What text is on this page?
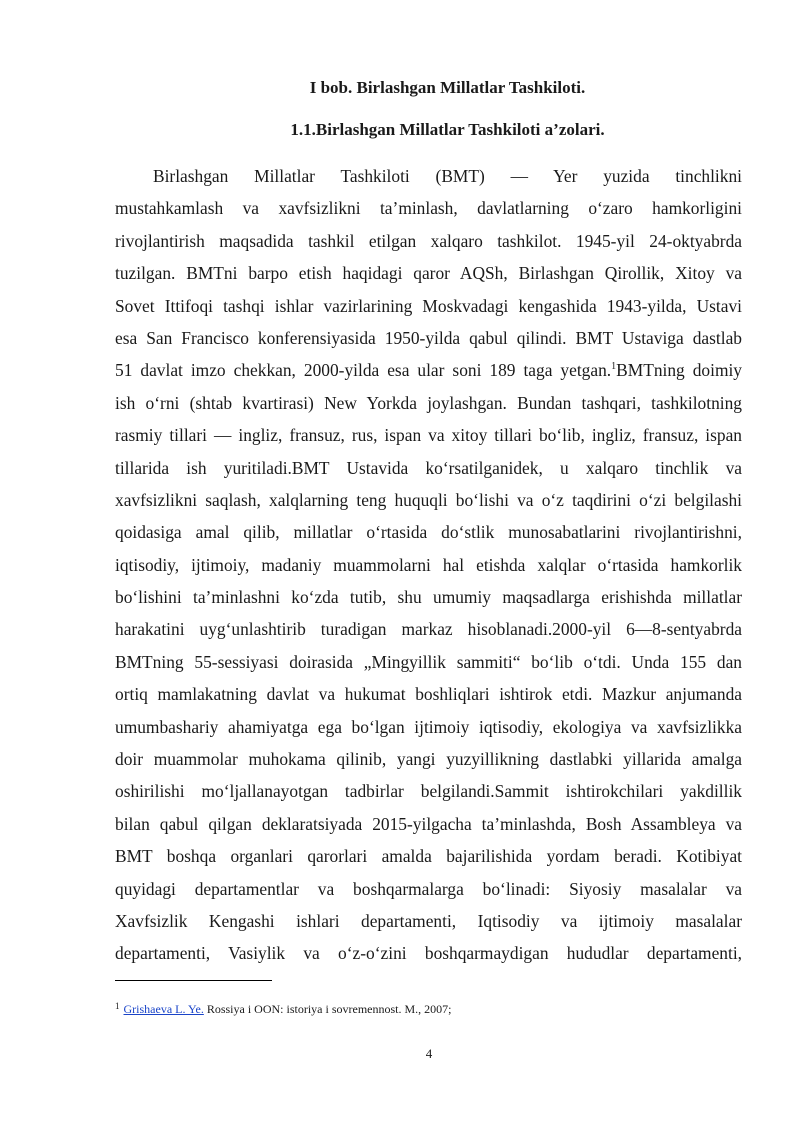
I bob. Birlashgan Millatlar Tashkiloti.

1.1.Birlashgan Millatlar Tashkiloti a’zolari.

Birlashgan Millatlar Tashkiloti (BMT) — Yer yuzida tinchlikni
mustahkamlash va xavfsizlikni ta’minlash, davlatlarning o‘zaro hamkorligini
rivojlantirish maqsadida tashkil etilgan xalqaro tashkilot. 1945-yil 24-oktyabrda
tuzilgan. BMTni barpo etish haqidagi qaror AQSh, Birlashgan Qirollik, Xitoy va
Sovet Ittifoqi tashqi ishlar vazirlarining Moskvadagi kengashida 1943-yilda, Ustavi
esa San Francisco konferensiyasida 1950-yilda qabul qilindi. BMT Ustaviga dastlab
51 davlat imzo chekkan, 2000-yilda esa ular soni 189 taga yetgan.$^1$BMTning doimiy
ish o‘rni (shtab kvartirasi) New Yorkda joylashgan. Bundan tashqari, tashkilotning
rasmiy tillari — ingliz, fransuz, rus, ispan va xitoy tillari bo‘lib, ingliz, fransuz, ispan
tillarida ish yuritiladi.BMT Ustavida ko‘rsatilganidek, u xalqaro tinchlik va
xavfsizlikni saqlash, xalqlarning teng huquqli bo‘lishi va o‘z taqdirini o‘zi belgilashi
qoidasiga amal qilib, millatlar o‘rtasida do‘stlik munosabatlarini rivojlantirishni,
iqtisodiy, ijtimoiy, madaniy muammolarni hal etishda xalqlar o‘rtasida hamkorlik
bo‘lishini ta’minlashni ko‘zda tutib, shu umumiy maqsadlarga erishishda millatlar
harakatini uyg‘unlashtirib turadigan markaz hisoblanadi.2000-yil 6—8-sentyabrda
BMTning 55-sessiyasi doirasida „Mingyillik sammiti“ bo‘lib o‘tdi. Unda 155 dan
ortiq mamlakatning davlat va hukumat boshliqlari ishtirok etdi. Mazkur anjumanda
umumbashariy ahamiyatga ega bo‘lgan ijtimoiy iqtisodiy, ekologiya va xavfsizlikka
doir muammolar muhokama qilinib, yangi yuzyillikning dastlabki yillarida amalga
oshirilishi mo‘ljallanayotgan tadbirlar belgilandi.Sammit ishtirokchilari yakdillik
bilan qabul qilgan deklaratsiyada 2015-yilgacha ta’minlashda, Bosh Assambleya va
BMT boshqa organlari qarorlari amalda bajarilishida yordam beradi. Kotibiyat
quyidagi departamentlar va boshqarmalarga bo‘linadi: Siyosiy masalalar va
Xavfsizlik Kengashi ishlari departamenti, Iqtisodiy va ijtimoiy masalalar
departamenti, Vasiylik va o‘z-o‘zini boshqarmaydigan hududlar departamenti,
$^1$ Grishaeva L. Ye. Rossiya i OON: istoriya i sovremennost. M., 2007;
4
